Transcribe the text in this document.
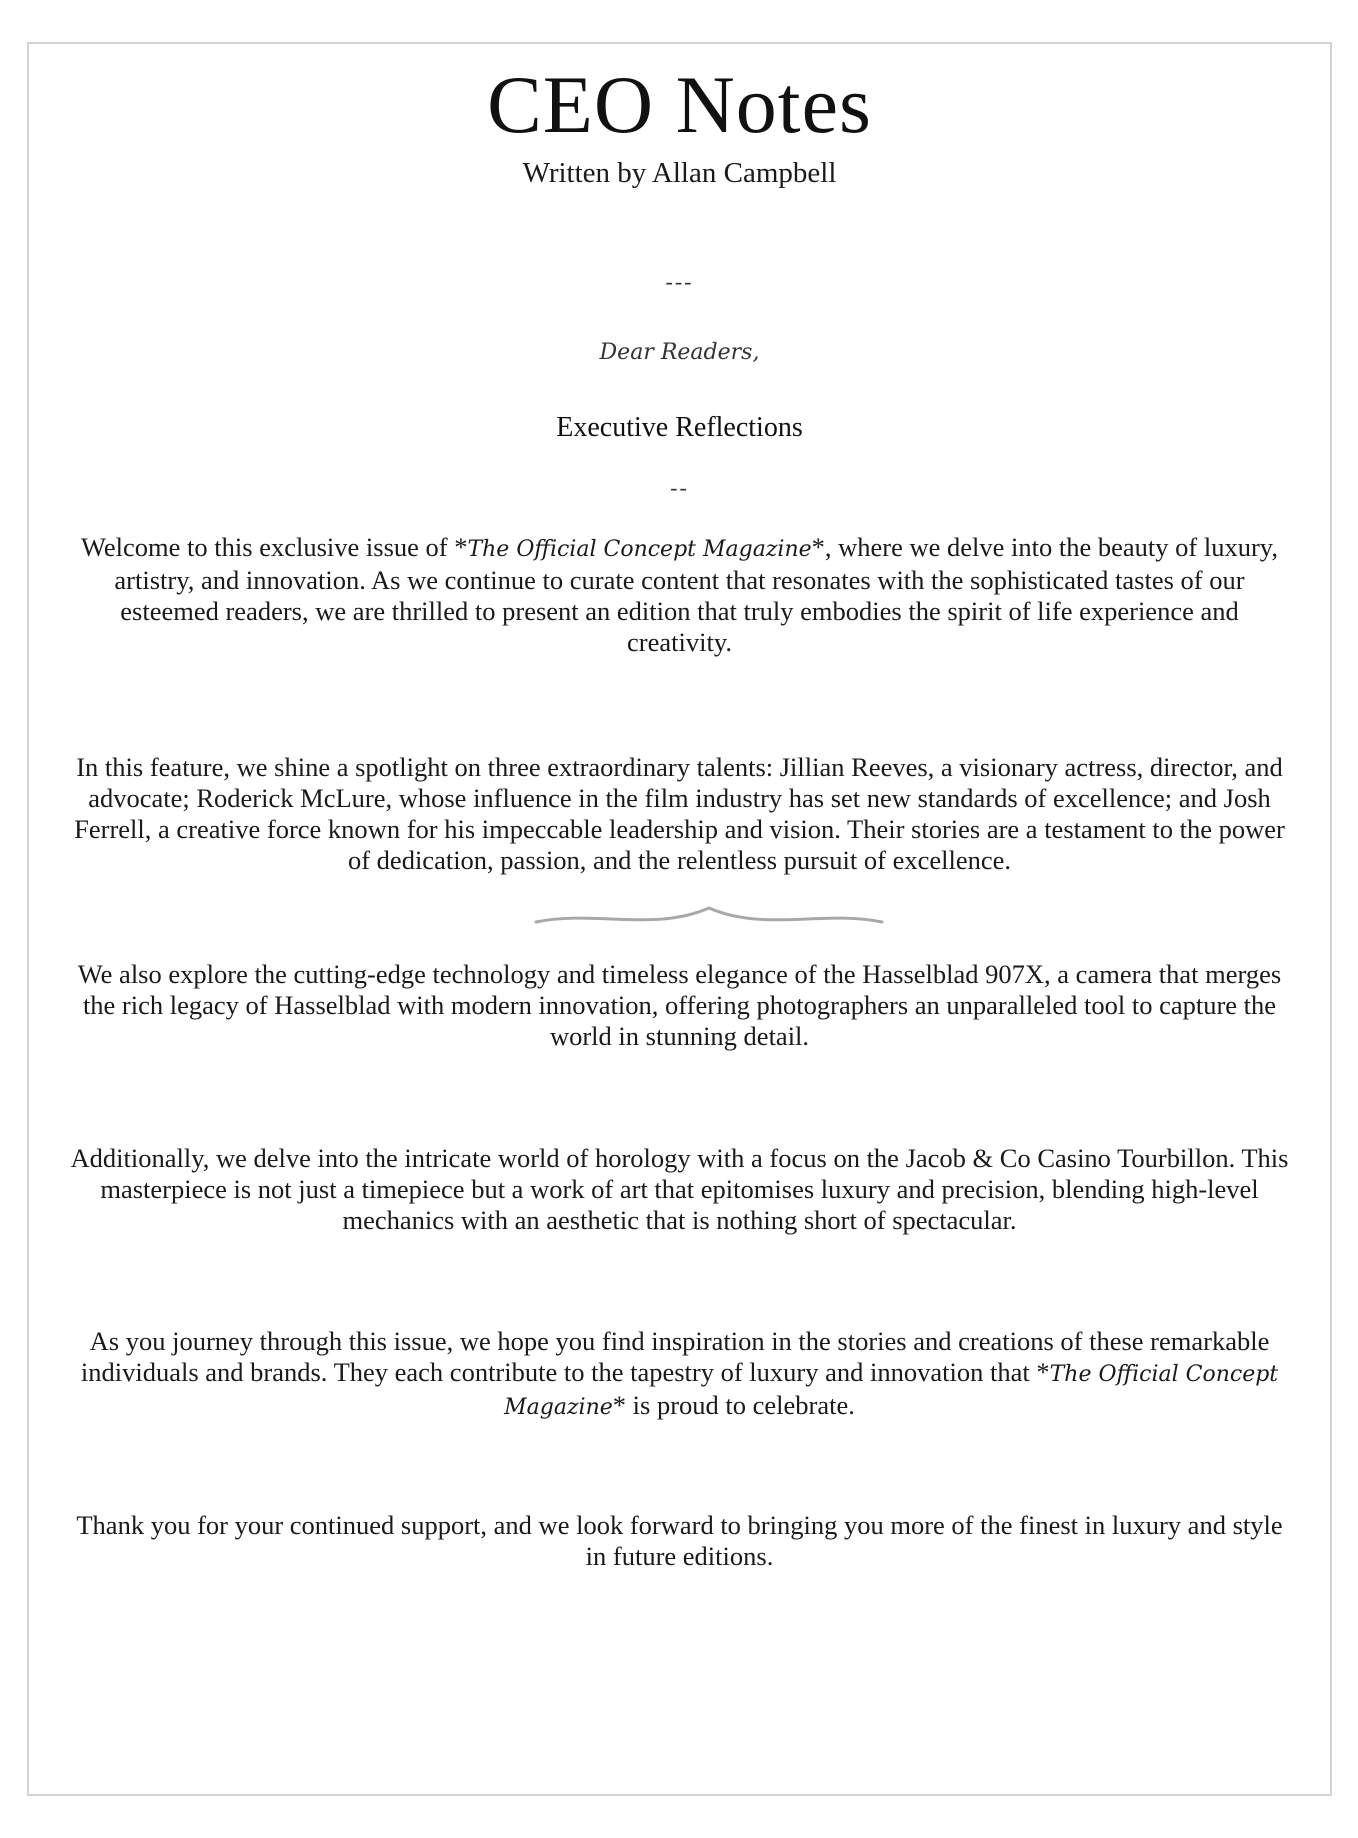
CEO Notes
Written by Allan Campbell
---
Dear Readers,
Executive Reflections
--
Welcome to this exclusive issue of *The Official Concept Magazine*, where we delve into the beauty of luxury, artistry, and innovation. As we continue to curate content that resonates with the sophisticated tastes of our esteemed readers, we are thrilled to present an edition that truly embodies the spirit of life experience and creativity.
In this feature, we shine a spotlight on three extraordinary talents: Jillian Reeves, a visionary actress, director, and advocate; Roderick McLure, whose influence in the film industry has set new standards of excellence; and Josh Ferrell, a creative force known for his impeccable leadership and vision. Their stories are a testament to the power of dedication, passion, and the relentless pursuit of excellence.
We also explore the cutting-edge technology and timeless elegance of the Hasselblad 907X, a camera that merges the rich legacy of Hasselblad with modern innovation, offering photographers an unparalleled tool to capture the world in stunning detail.
Additionally, we delve into the intricate world of horology with a focus on the Jacob & Co Casino Tourbillon. This masterpiece is not just a timepiece but a work of art that epitomises luxury and precision, blending high-level mechanics with an aesthetic that is nothing short of spectacular.
As you journey through this issue, we hope you find inspiration in the stories and creations of these remarkable individuals and brands. They each contribute to the tapestry of luxury and innovation that *The Official Concept Magazine* is proud to celebrate.
Thank you for your continued support, and we look forward to bringing you more of the finest in luxury and style in future editions.
